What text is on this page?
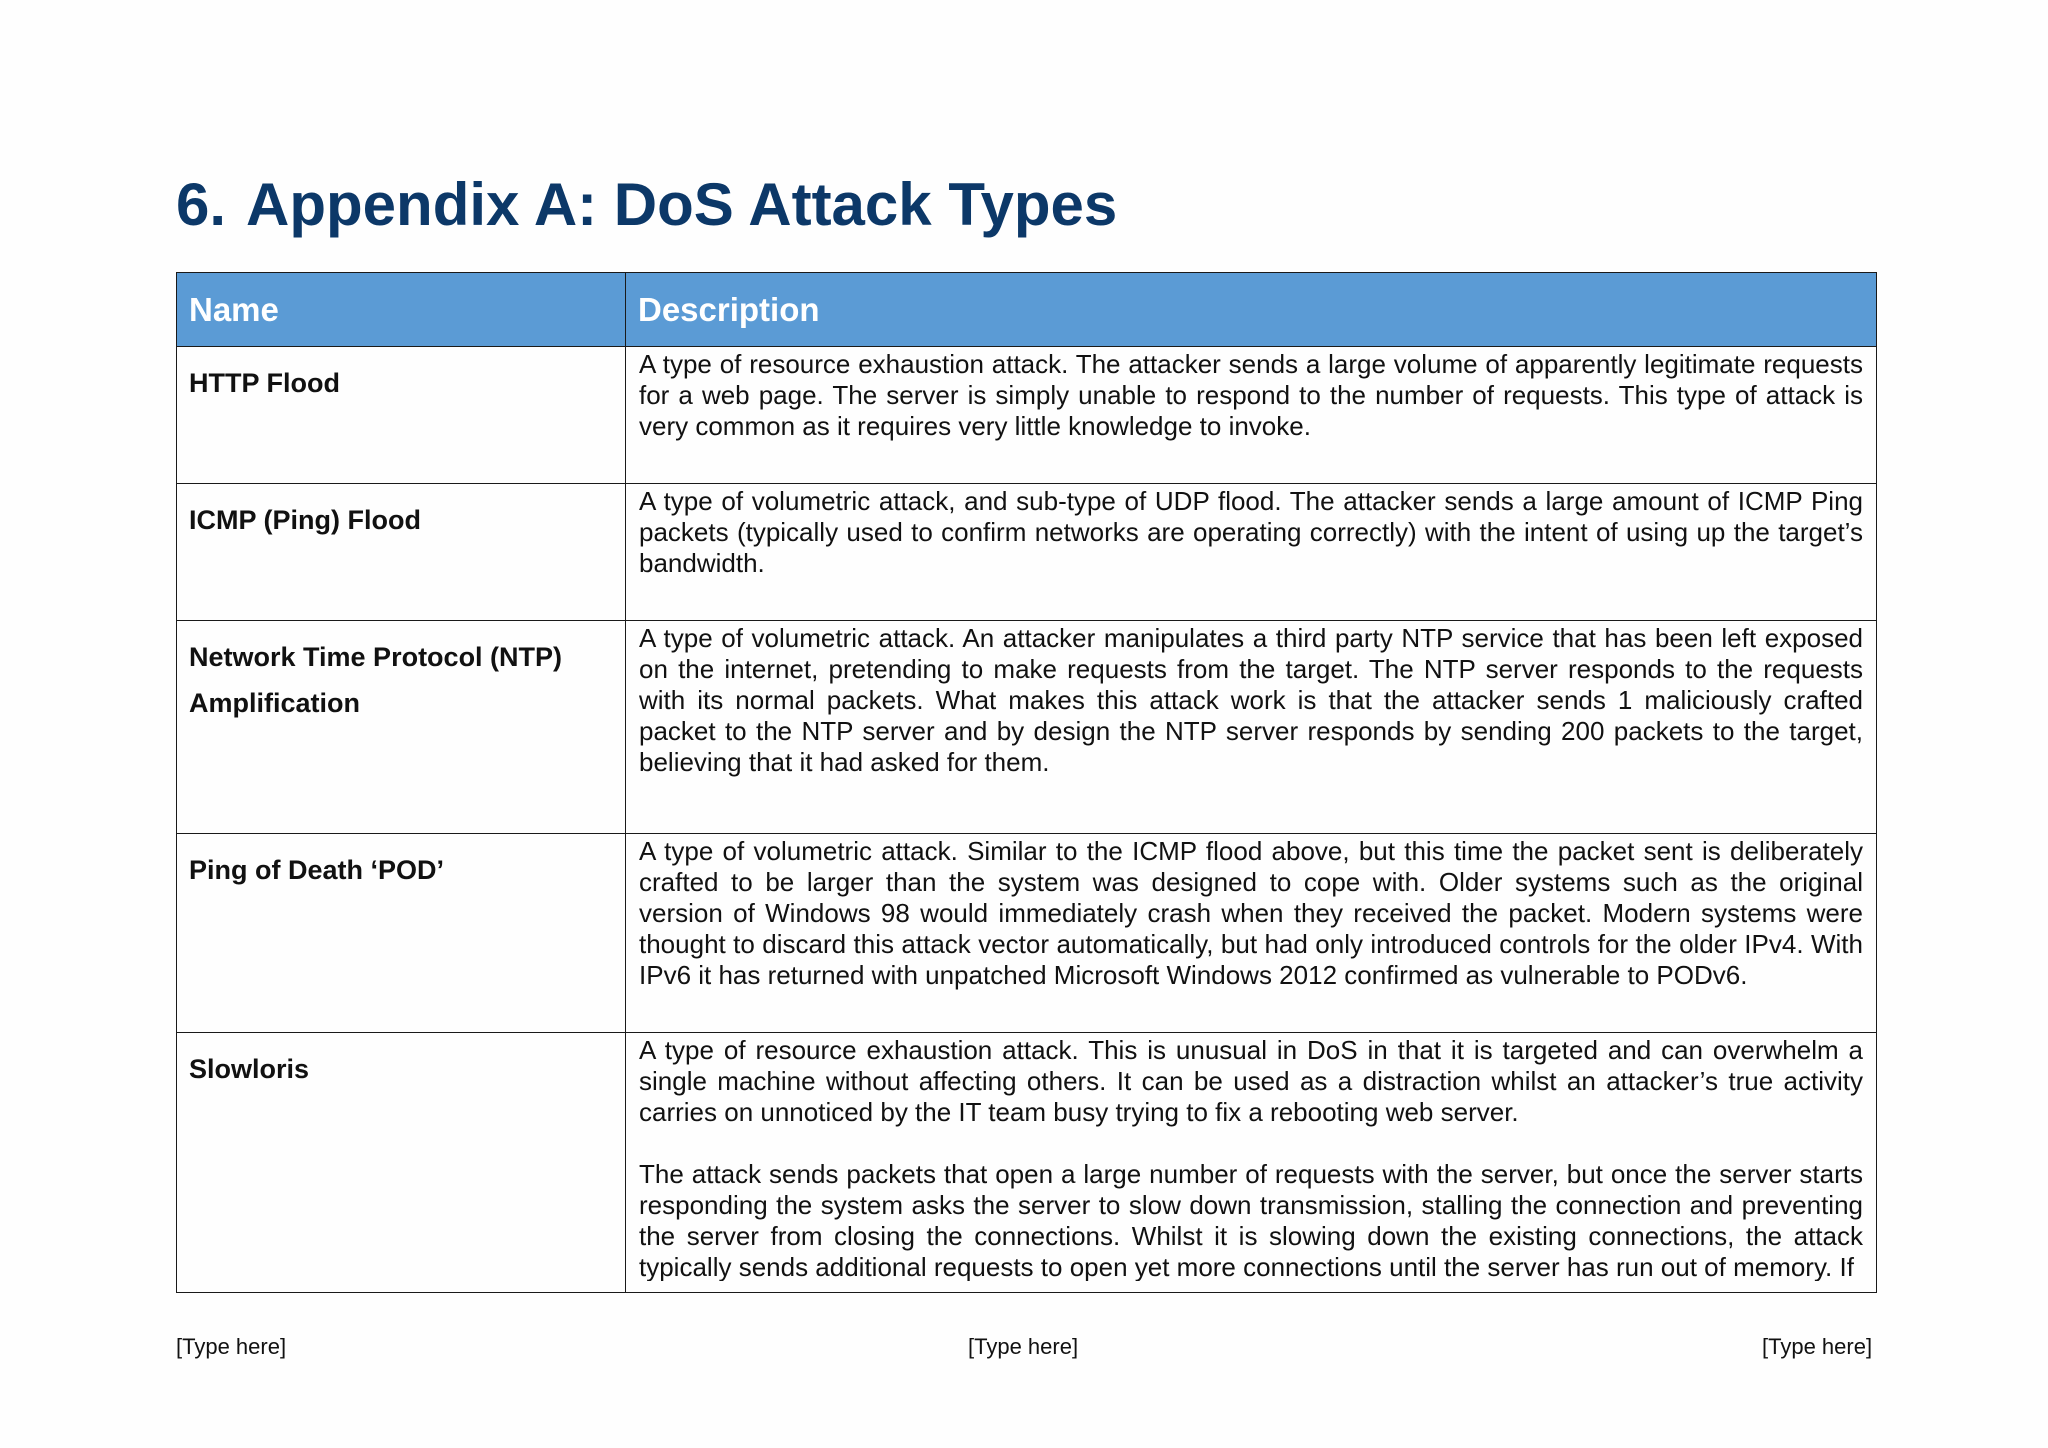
6. Appendix A: DoS Attack Types
Name	Description
HTTP Flood	A type of resource exhaustion attack. The attacker sends a large volume of apparently legitimate requests for a web page. The server is simply unable to respond to the number of requests. This type of attack is very common as it requires very little knowledge to invoke.

ICMP (Ping) Flood	A type of volumetric attack, and sub-type of UDP flood. The attacker sends a large amount of ICMP Ping packets (typically used to confirm networks are operating correctly) with the intent of using up the target’s bandwidth.

Network Time Protocol (NTP) Amplification	A type of volumetric attack. An attacker manipulates a third party NTP service that has been left exposed on the internet, pretending to make requests from the target. The NTP server responds to the requests with its normal packets. What makes this attack work is that the attacker sends 1 maliciously crafted packet to the NTP server and by design the NTP server responds by sending 200 packets to the target, believing that it had asked for them.

Ping of Death ‘POD’	A type of volumetric attack. Similar to the ICMP flood above, but this time the packet sent is deliberately crafted to be larger than the system was designed to cope with. Older systems such as the original version of Windows 98 would immediately crash when they received the packet. Modern systems were thought to discard this attack vector automatically, but had only introduced controls for the older IPv4. With IPv6 it has returned with unpatched Microsoft Windows 2012 confirmed as vulnerable to PODv6.

Slowloris	A type of resource exhaustion attack. This is unusual in DoS in that it is targeted and can overwhelm a single machine without affecting others. It can be used as a distraction whilst an attacker’s true activity carries on unnoticed by the IT team busy trying to fix a rebooting web server.

The attack sends packets that open a large number of requests with the server, but once the server starts responding the system asks the server to slow down transmission, stalling the connection and preventing the server from closing the connections. Whilst it is slowing down the existing connections, the attack typically sends additional requests to open yet more connections until the server has run out of memory. If

[Type here]	[Type here]	[Type here]
